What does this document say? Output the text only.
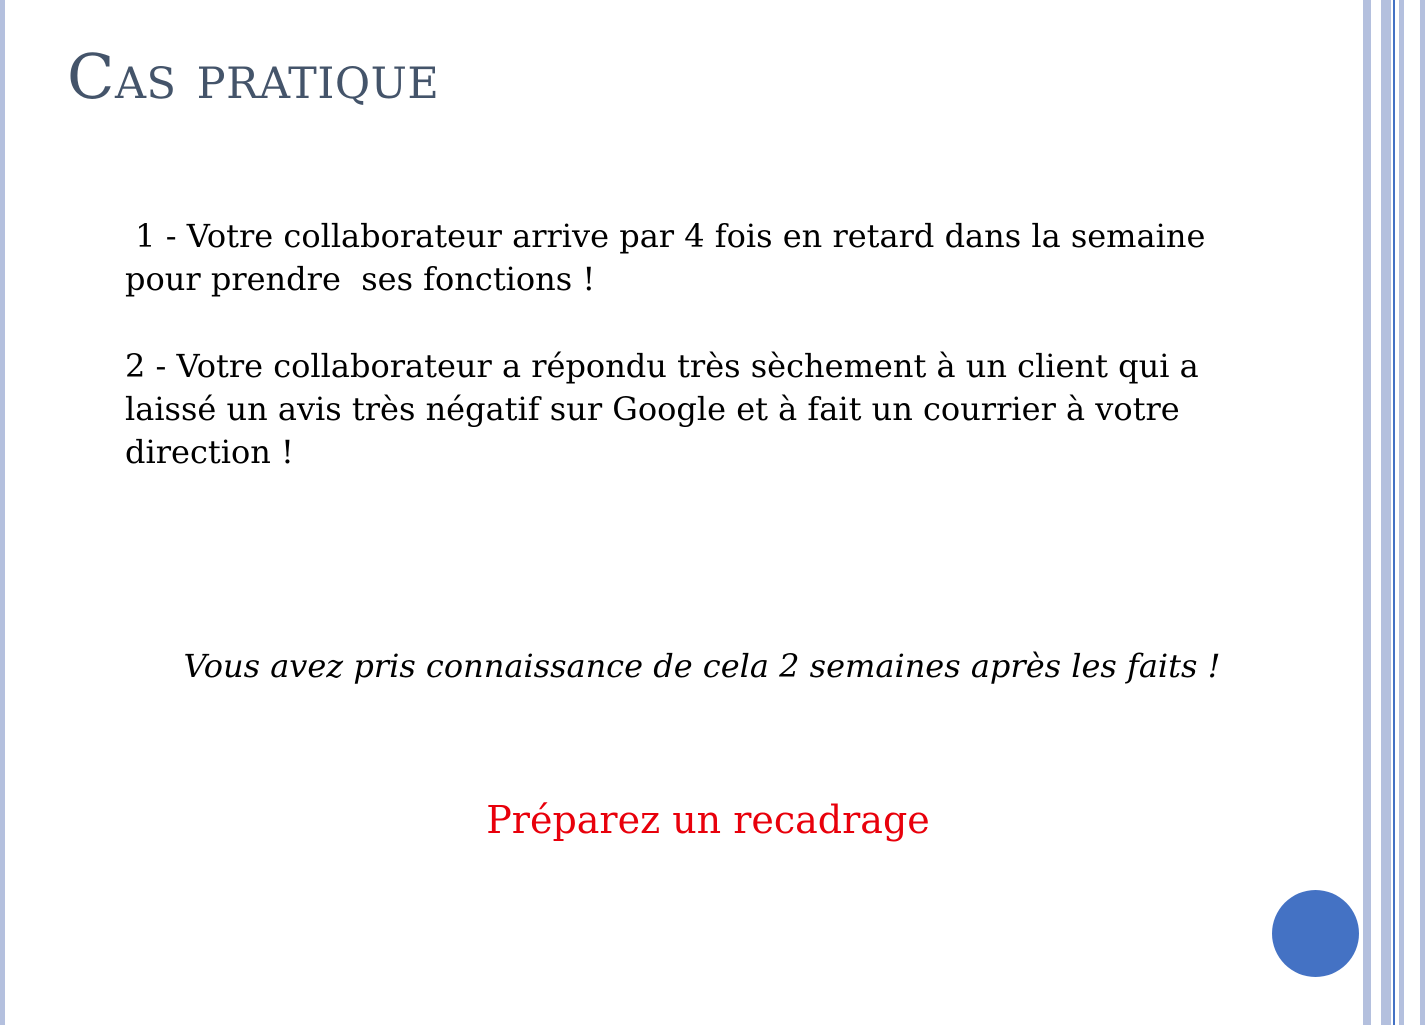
Cas pratique

1 - Votre collaborateur arrive par 4 fois en retard dans la semaine pour prendre  ses fonctions !

2 - Votre collaborateur a répondu très sèchement à un client qui a laissé un avis très négatif sur Google et à fait un courrier à votre direction !

Vous avez pris connaissance de cela 2 semaines après les faits !

Préparez un recadrage
